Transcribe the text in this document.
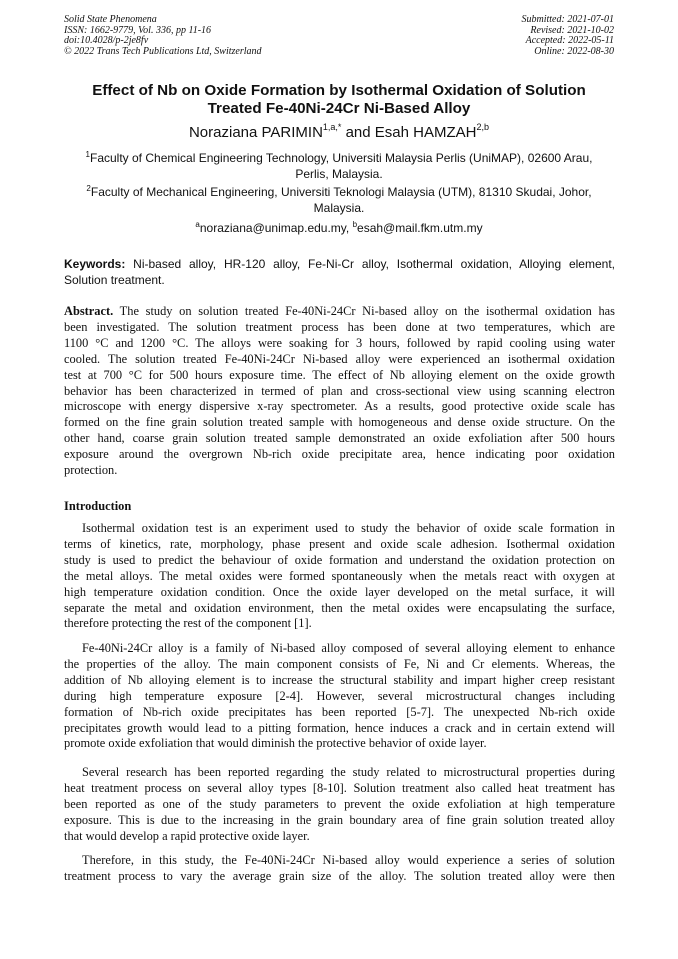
Solid State Phenomena
ISSN: 1662-9779, Vol. 336, pp 11-16
doi:10.4028/p-2je8fv
© 2022 Trans Tech Publications Ltd, Switzerland
Submitted: 2021-07-01
Revised: 2021-10-02
Accepted: 2022-05-11
Online: 2022-08-30
Effect of Nb on Oxide Formation by Isothermal Oxidation of Solution
Treated Fe-40Ni-24Cr Ni-Based Alloy
Noraziana $PARIMIN^{1,a,*}$ and Esah HAMZAH$^{2,b}$
$^1$Faculty of Chemical Engineering Technology, Universiti Malaysia Perlis (UniMAP), 02600 Arau,
Perlis, Malaysia.
$^2$Faculty of Mechanical Engineering, Universiti Teknologi Malaysia (UTM), 81310 Skudai, Johor,
Malaysia.
$^a$noraziana@unimap.edu.my, $^b$esah@mail.fkm.utm.my
Keywords: Ni-based alloy, HR-120 alloy, Fe-Ni-Cr alloy, Isothermal oxidation, Alloying element,
Solution treatment.
Abstract. The study on solution treated Fe-40Ni-24Cr Ni-based alloy on the isothermal oxidation has
been investigated. The solution treatment process has been done at two temperatures, which are
1100 °C and 1200 °C. The alloys were soaking for 3 hours, followed by rapid cooling using water
cooled. The solution treated Fe-40Ni-24Cr Ni-based alloy were experienced an isothermal oxidation
test at 700 °C for 500 hours exposure time. The effect of Nb alloying element on the oxide growth
behavior has been characterized in termed of plan and cross-sectional view using scanning electron
microscope with energy dispersive x-ray spectrometer. As a results, good protective oxide scale has
formed on the fine grain solution treated sample with homogeneous and dense oxide structure. On the
other hand, coarse grain solution treated sample demonstrated an oxide exfoliation after 500 hours
exposure around the overgrown Nb-rich oxide precipitate area, hence indicating poor oxidation
protection.
Introduction
Isothermal oxidation test is an experiment used to study the behavior of oxide scale formation in
terms of kinetics, rate, morphology, phase present and oxide scale adhesion. Isothermal oxidation
study is used to predict the behaviour of oxide formation and understand the oxidation protection on
the metal alloys. The metal oxides were formed spontaneously when the metals react with oxygen at
high temperature oxidation condition. Once the oxide layer developed on the metal surface, it will
separate the metal and oxidation environment, then the metal oxides were encapsulating the surface,
therefore protecting the rest of the component [1].
Fe-40Ni-24Cr alloy is a family of Ni-based alloy composed of several alloying element to enhance
the properties of the alloy. The main component consists of Fe, Ni and Cr elements. Whereas, the
addition of Nb alloying element is to increase the structural stability and impart higher creep resistant
during high temperature exposure [2-4]. However, several microstructural changes including
formation of Nb-rich oxide precipitates has been reported [5-7]. The unexpected Nb-rich oxide
precipitates growth would lead to a pitting formation, hence induces a crack and in certain extend will
promote oxide exfoliation that would diminish the protective behavior of oxide layer.
Several research has been reported regarding the study related to microstructural properties during
heat treatment process on several alloy types [8-10]. Solution treatment also called heat treatment has
been reported as one of the study parameters to prevent the oxide exfoliation at high temperature
exposure. This is due to the increasing in the grain boundary area of fine grain solution treated alloy
that would develop a rapid protective oxide layer.
Therefore, in this study, the Fe-40Ni-24Cr Ni-based alloy would experience a series of solution
treatment process to vary the average grain size of the alloy. The solution treated alloy were then
